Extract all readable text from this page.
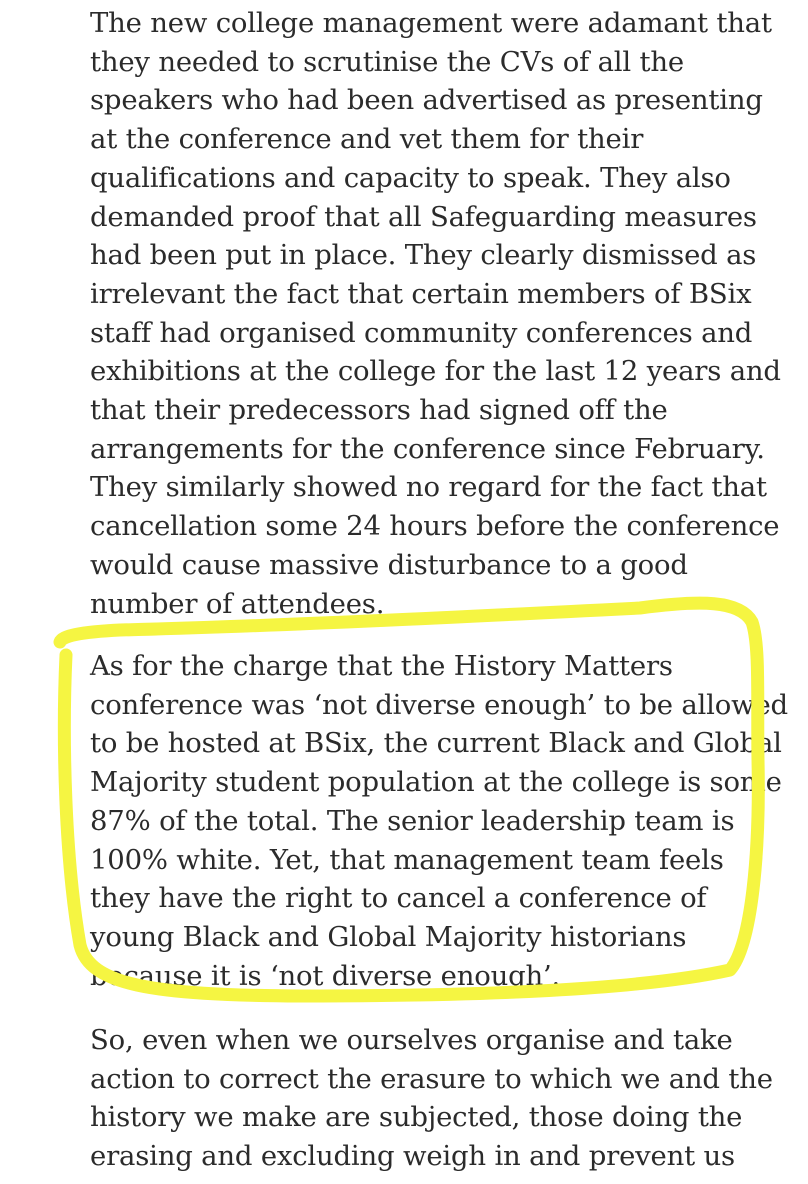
The new college management were adamant that
they needed to scrutinise the CVs of all the
speakers who had been advertised as presenting
at the conference and vet them for their
qualifications and capacity to speak. They also
demanded proof that all Safeguarding measures
had been put in place. They clearly dismissed as
irrelevant the fact that certain members of BSix
staff had organised community conferences and
exhibitions at the college for the last 12 years and
that their predecessors had signed off the
arrangements for the conference since February.
They similarly showed no regard for the fact that
cancellation some 24 hours before the conference
would cause massive disturbance to a good
number of attendees.

As for the charge that the History Matters
conference was ‘not diverse enough’ to be allowed
to be hosted at BSix, the current Black and Global
Majority student population at the college is some
87% of the total. The senior leadership team is
100% white. Yet, that management team feels
they have the right to cancel a conference of
young Black and Global Majority historians
because it is ‘not diverse enough’.

So, even when we ourselves organise and take
action to correct the erasure to which we and the
history we make are subjected, those doing the
erasing and excluding weigh in and prevent us
